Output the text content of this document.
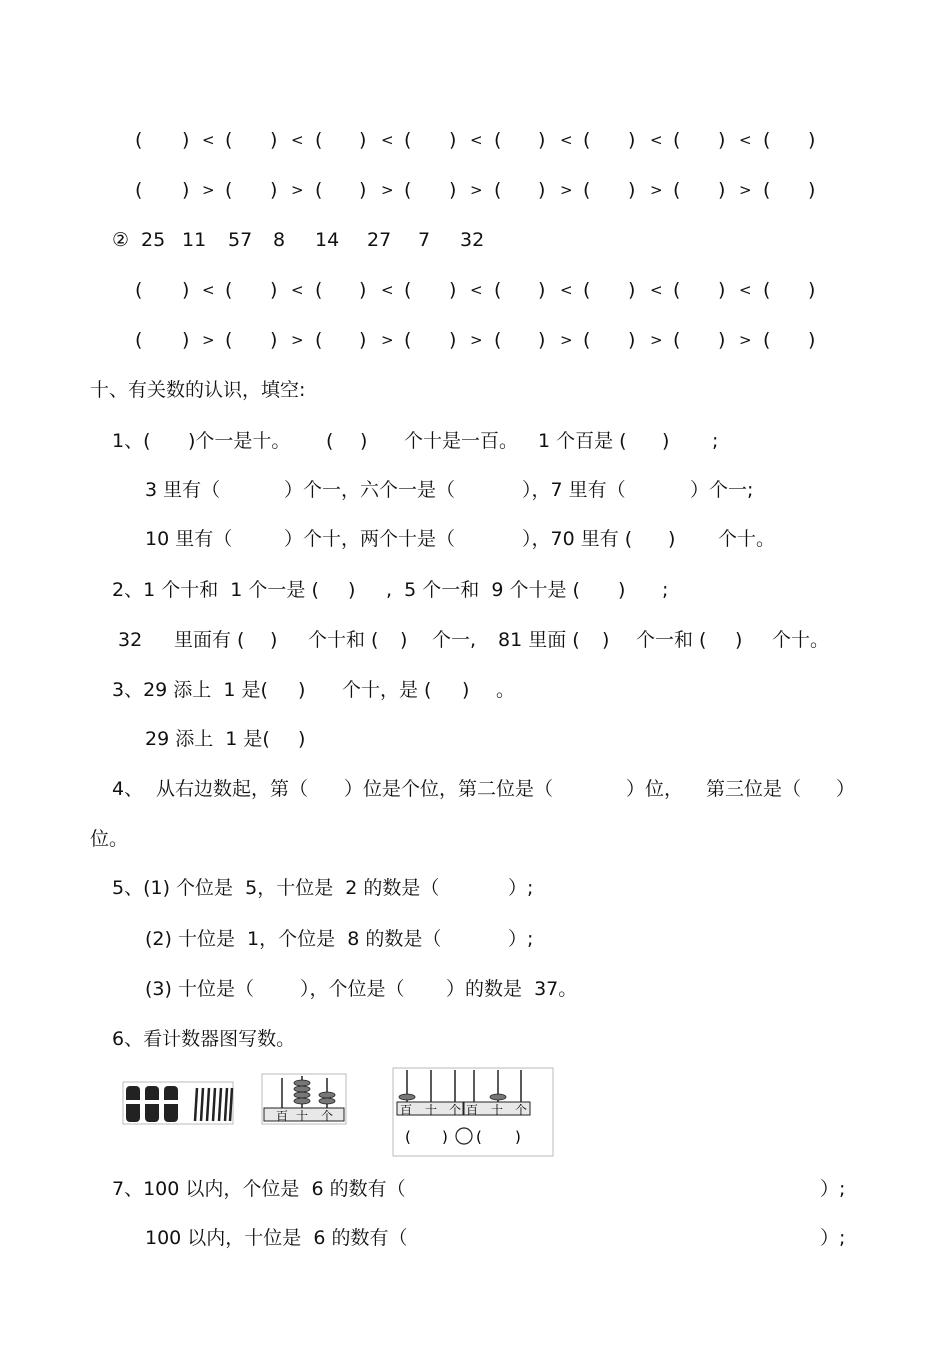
( ) < ( ) < ( ) < ( ) < ( ) < ( ) < ( ) < ( )
( ) > ( ) > ( ) > ( ) > ( ) > ( ) > ( ) > ( )

②

25

11

57

8

14

27

7

32

( ) < ( ) < ( ) < ( ) < ( ) < ( ) < ( ) < ( )
( ) > ( ) > ( ) > ( ) > ( ) > ( ) > ( ) > ( )

十、有关数的认识，填空:

1、( )个一是十。 ( ) 个十是一百。 1 个百是 ( ) ;
3 里有（	）个一，六个一是（	），7 里有（	）个一;
10 里有（	）个十，两个十是（	），70 里有 ( ) 个十。
2、1 个十和  1 个一是 ( ) ,  5 个一和  9 个十是 ( ) ;
32 里面有 ( ) 个十和 ( ) 个一, 81 里面 ( ) 个一和 ( ) 个十。
3、29 添上  1 是( ) 个十，是 ( ) 。
29 添上  1 是( )
4、 从右边数起，第（ ）位是个位，第二位是（	）位， 第三位是（ ）
位。
5、(1) 个位是  5，十位是  2 的数是（	）;
(2) 十位是  1，个位是  8 的数是（	）;
(3) 十位是（ ），个位是（ ）的数是  37。

6、看计数器图写数。

百 十 个	百 十 个 百 十 个
( ) ( )
7、100 以内，个位是  6 的数有（	）;
100 以内，十位是  6 的数有（	）;
